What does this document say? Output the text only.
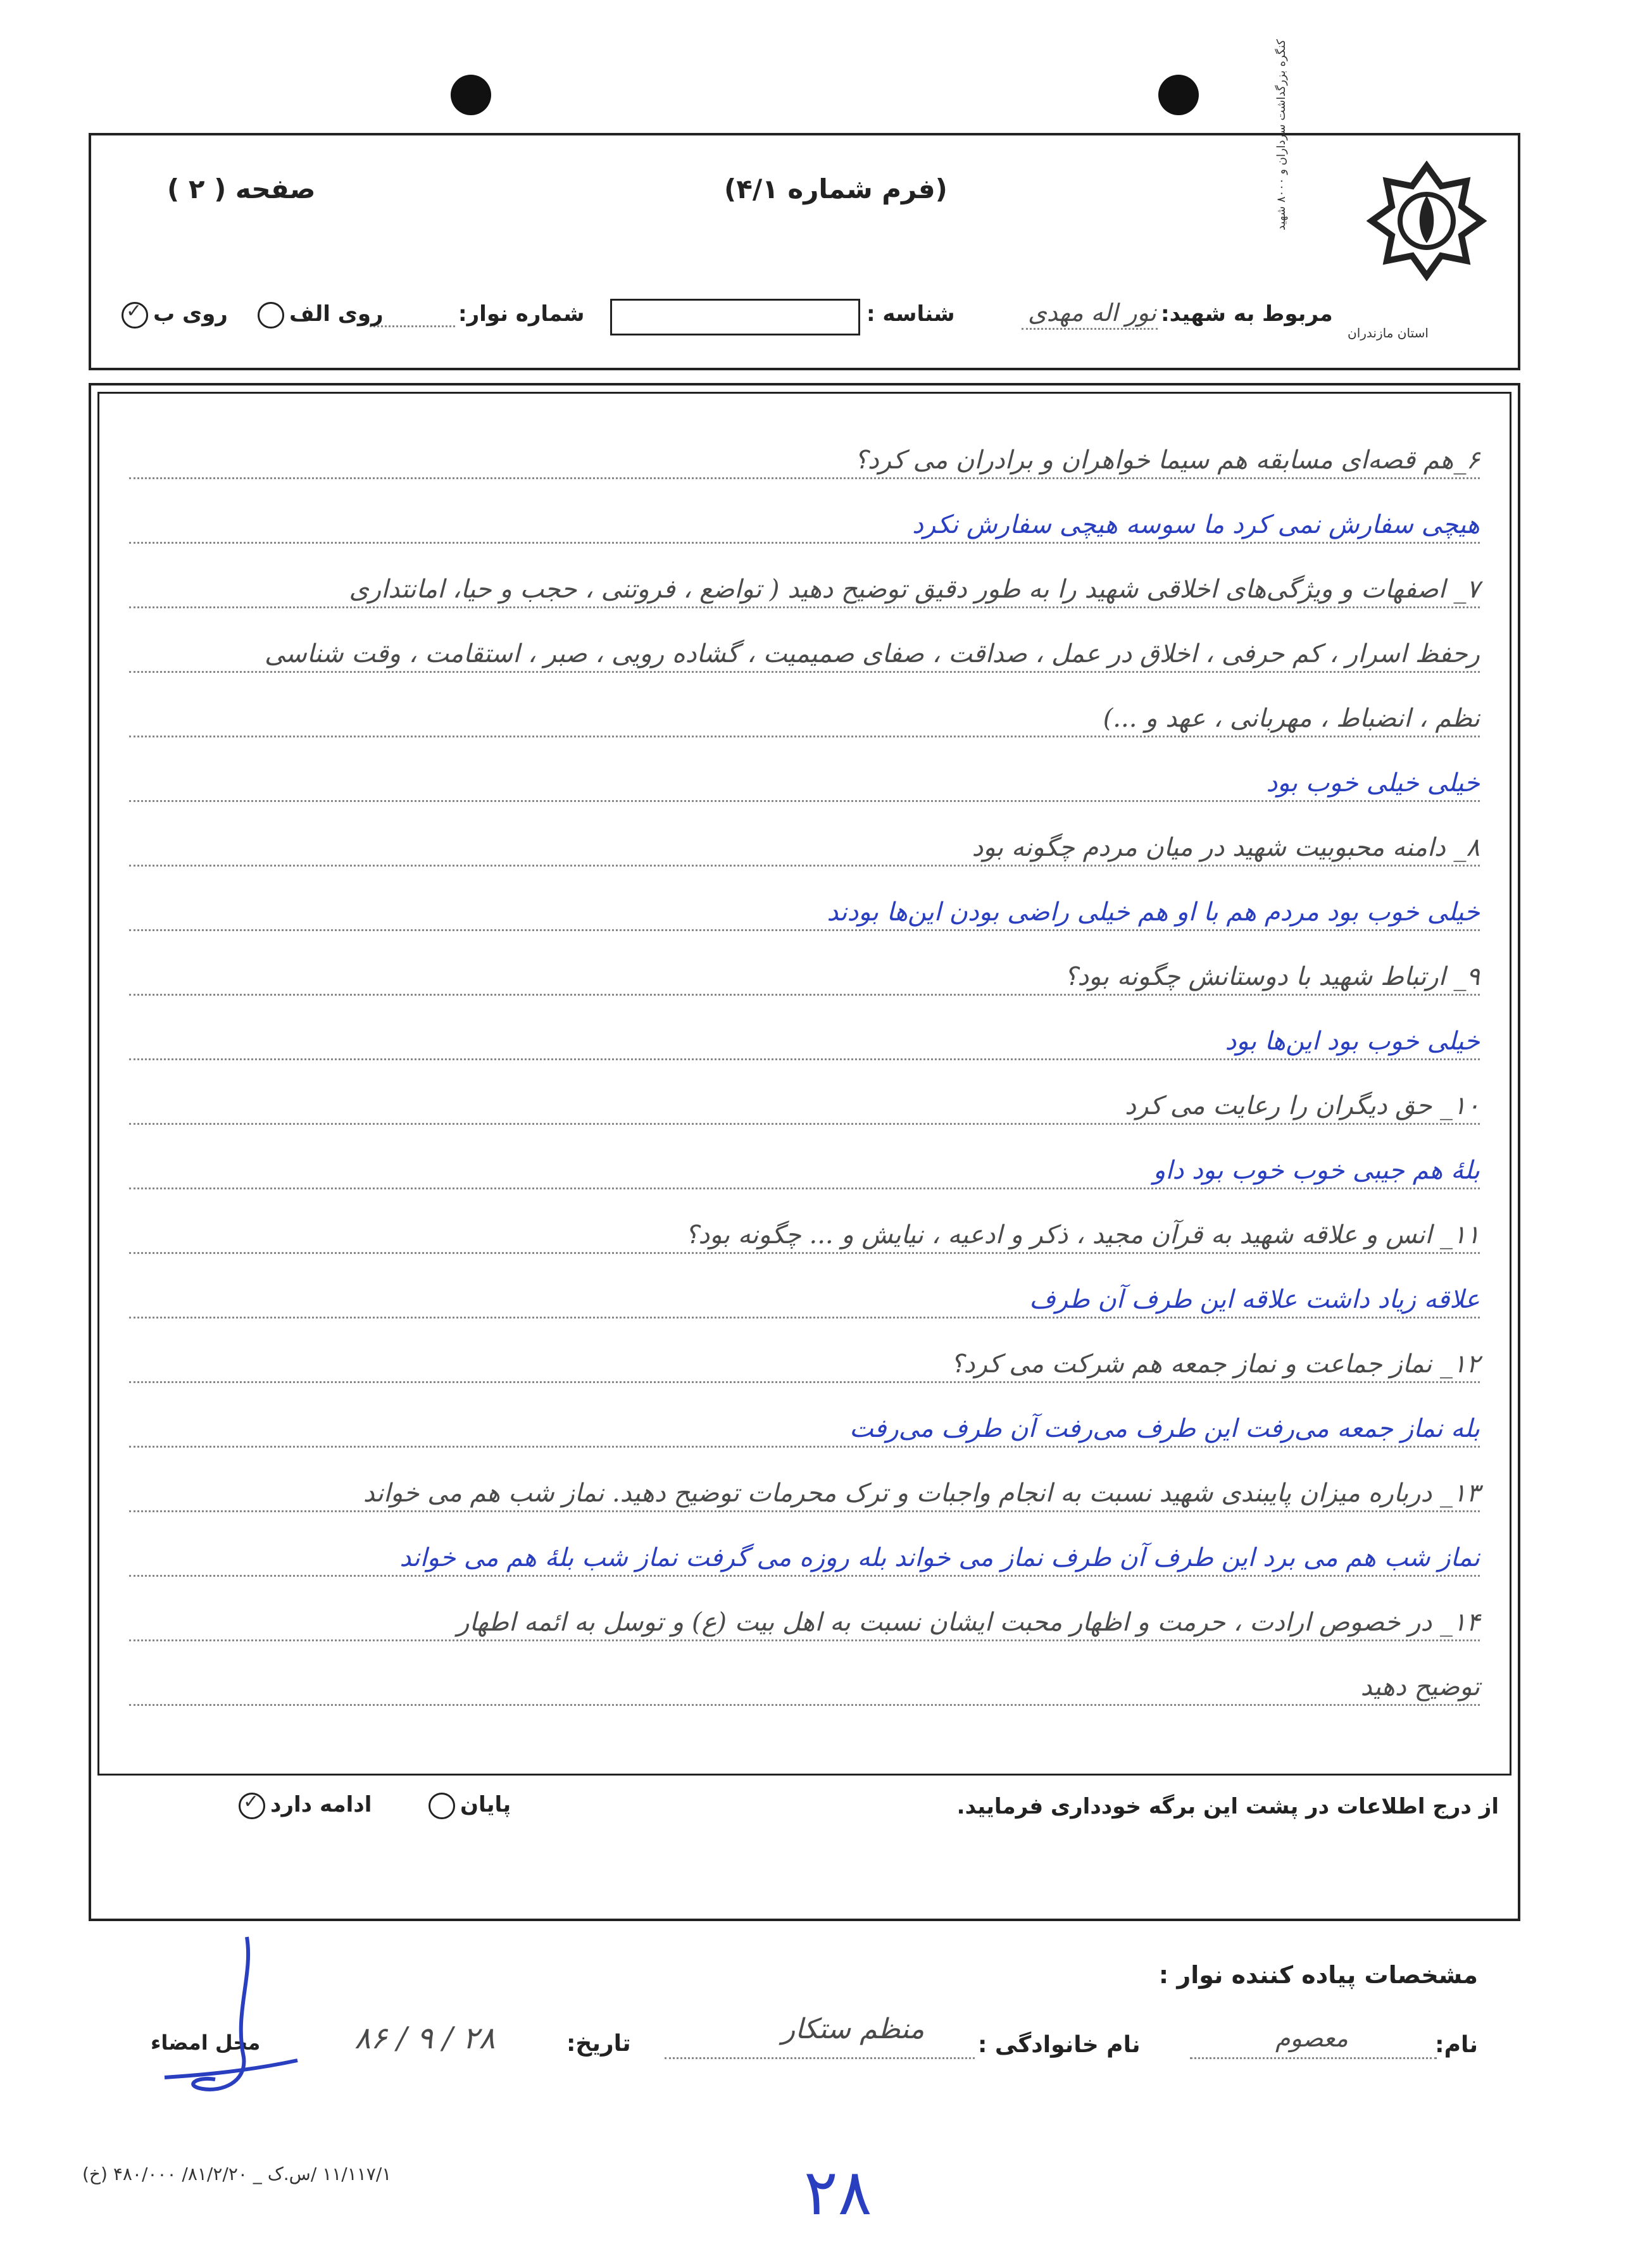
کنگره بزرگداشت سرداران و ۸۰۰۰ شهید
استان مازندران
(فرم شماره ۴/۱)
صفحه ( ۲ )
مربوط به شهید:
نور اله مهدی
شناسه :
شماره نوار:
روی الف
روی ب✓
۶_هم قصه‌ای مسابقه هم سیما خواهران و برادران می کرد؟
هیچی سفارش نمی کرد ما سوسه هیچی سفارش نکرد
۷_ اصفهات و ویژگی‌های اخلاقی شهید را به طور دقیق توضیح دهید ( تواضع ، فروتنی ، حجب و حیا، امانتداری
رحفظ اسرار ، کم حرفی ، اخلاق در عمل ، صداقت ، صفای صمیمیت ، گشاده رویی ، صبر ، استقامت ، وقت شناسی
نظم ، انضباط ، مهربانی ، عهد و ...)
خیلی خیلی خوب بود
۸_ دامنه محبوبیت شهید در میان مردم چگونه بود
خیلی خوب بود مردم هم با او هم خیلی راضی بودن این‌ها بودند
۹_ ارتباط شهید با دوستانش چگونه بود؟
خیلی خوب بود این‌ها بود
۱۰_ حق دیگران را رعایت می کرد
بلهٔ هم جیبی خوب خوب بود داو
۱۱_ انس و علاقه شهید به قرآن مجید ، ذکر و ادعیه ، نیایش و ... چگونه بود؟
علاقه زیاد داشت علاقه این طرف آن طرف
۱۲_ نماز جماعت و نماز جمعه هم شرکت می کرد؟
بله نماز جمعه می‌رفت این طرف می‌رفت آن طرف می‌رفت
۱۳_ درباره میزان پایبندی شهید نسبت به انجام واجبات و ترک محرمات توضیح دهید. نماز شب هم می خواند
نماز شب هم می برد این طرف آن طرف نماز می خواند بله روزه می گرفت نماز شب بلهٔ هم می خواند
۱۴_ در خصوص ارادت ، حرمت و اظهار محبت ایشان نسبت به اهل بیت (ع) و توسل به ائمه اطهار
توضیح دهید
از درج اطلاعات در پشت این برگه خودداری فرمایید.
پایان
ادامه دارد✓
مشخصات پیاده کننده نوار :
نام:
معصوم
نام خانوادگی :
منظم ستکار
تاریخ:
۲۸ / ۹ / ۸۶
محل امضاء
۱۱/۱۱۷/۱ /س.ک _ ۸۱/۲/۲۰/ ۴۸۰/۰۰۰ (خ)	۲۸
